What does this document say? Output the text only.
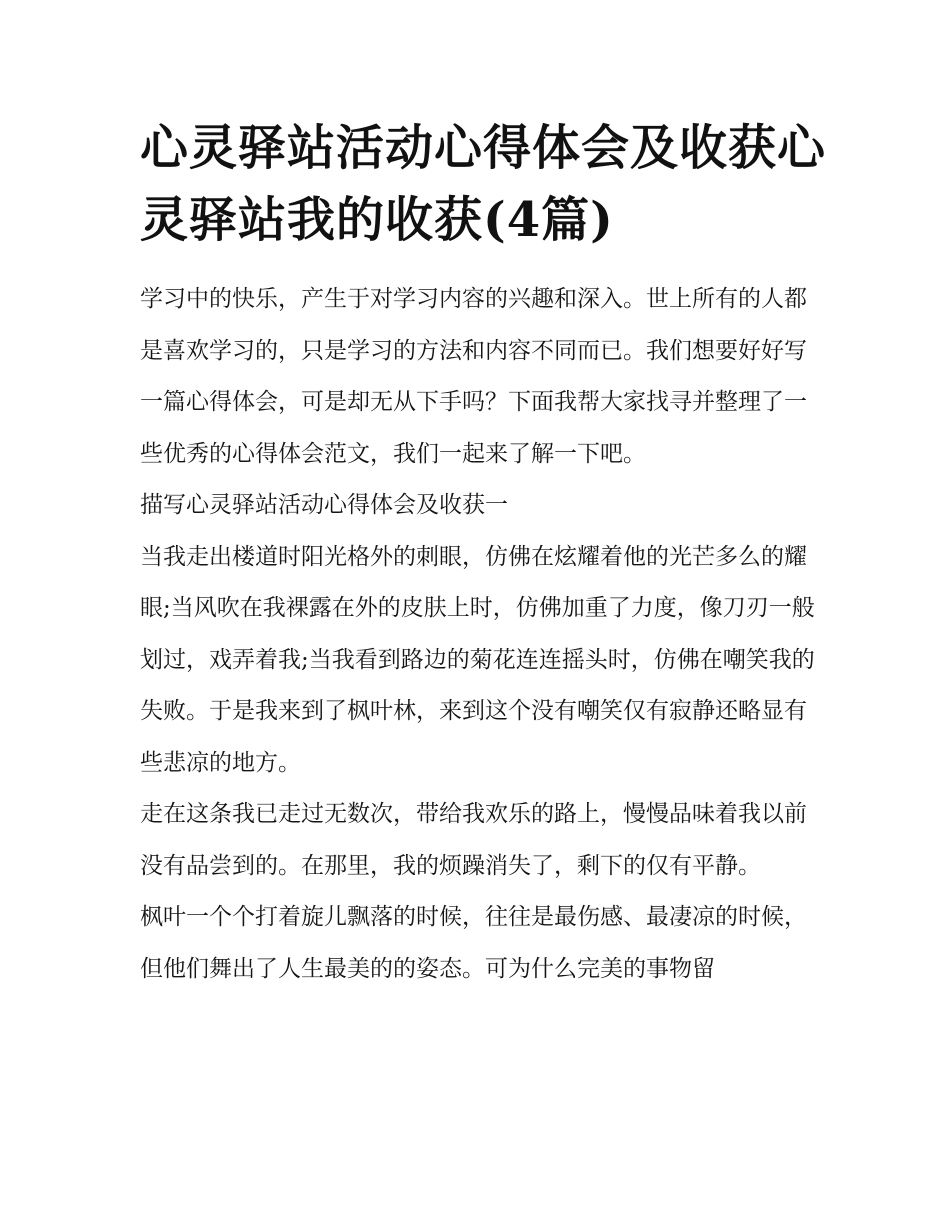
心灵驿站活动心得体会及收获心灵驿站我的收获(4篇)

学习中的快乐，产生于对学习内容的兴趣和深入。世上所有的人都是喜欢学习的，只是学习的方法和内容不同而已。我们想要好好写一篇心得体会，可是却无从下手吗？下面我帮大家找寻并整理了一些优秀的心得体会范文，我们一起来了解一下吧。

描写心灵驿站活动心得体会及收获一

当我走出楼道时阳光格外的刺眼，仿佛在炫耀着他的光芒多么的耀眼;当风吹在我裸露在外的皮肤上时，仿佛加重了力度，像刀刃一般划过，戏弄着我;当我看到路边的菊花连连摇头时，仿佛在嘲笑我的失败。于是我来到了枫叶林，来到这个没有嘲笑仅有寂静还略显有些悲凉的地方。

走在这条我已走过无数次，带给我欢乐的路上，慢慢品味着我以前没有品尝到的。在那里，我的烦躁消失了，剩下的仅有平静。

枫叶一个个打着旋儿飘落的时候，往往是最伤感、最凄凉的时候，但他们舞出了人生最美的的姿态。可为什么完美的事物留
